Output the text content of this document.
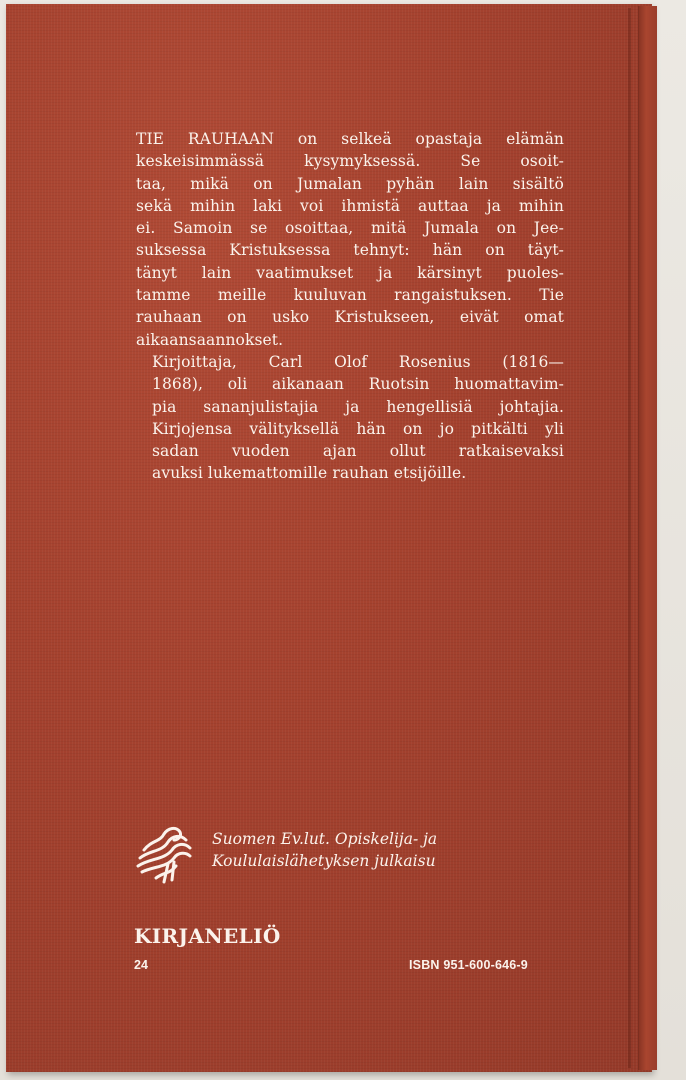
TIE RAUHAAN on selkeä opastaja elämän
keskeisimmässä kysymyksessä. Se osoit-
taa, mikä on Jumalan pyhän lain sisältö
sekä mihin laki voi ihmistä auttaa ja mihin
ei. Samoin se osoittaa, mitä Jumala on Jee-
suksessa Kristuksessa tehnyt: hän on täyt-
tänyt lain vaatimukset ja kärsinyt puoles-
tamme meille kuuluvan rangaistuksen. Tie
rauhaan on usko Kristukseen, eivät omat
aikaansaannokset.

Kirjoittaja, Carl Olof Rosenius (1816—
1868), oli aikanaan Ruotsin huomattavim-
pia sananjulistajia ja hengellisiä johtajia.
Kirjojensa välityksellä hän on jo pitkälti yli
sadan vuoden ajan ollut ratkaisevaksi
avuksi lukemattomille rauhan etsijöille.

Suomen Ev.lut. Opiskelija- ja
Koululaislähetyksen julkaisu
KIRJANELIÖ
24	ISBN 951-600-646-9
